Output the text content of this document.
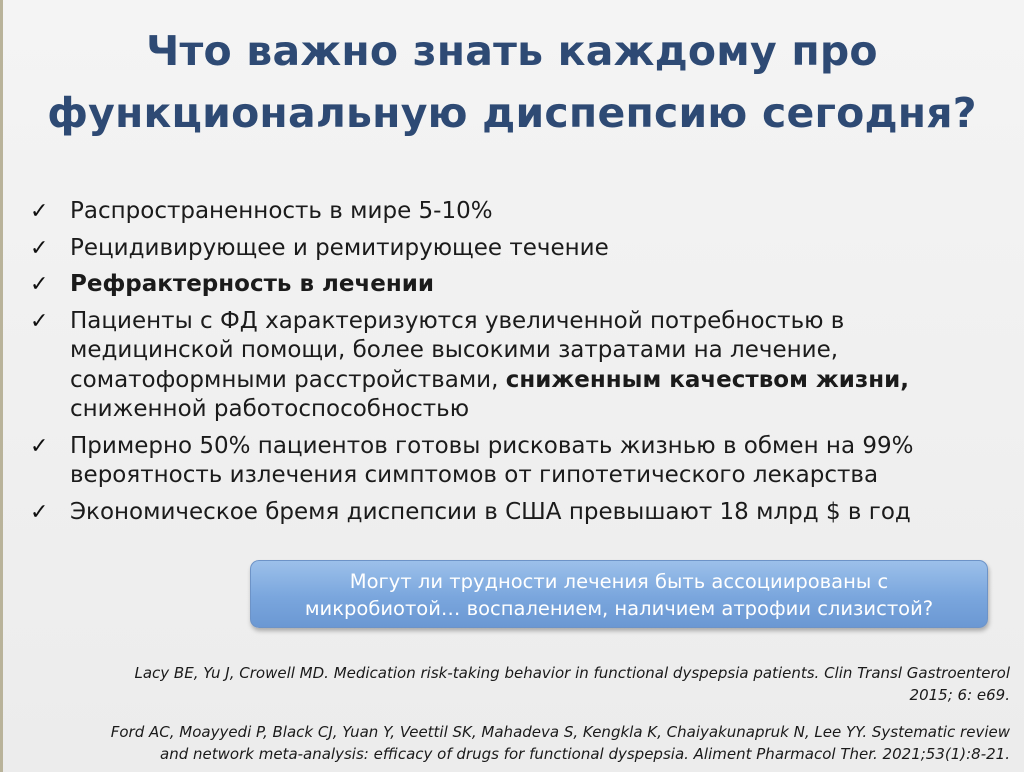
Что важно знать каждому про
функциональную диспепсию сегодня?
✓ Распространенность в мире 5-10%
✓ Рецидивирующее и ремитирующее течение
✓ Рефрактерность в лечении
✓ Пациенты с ФД характеризуются увеличенной потребностью в медицинской помощи, более высокими затратами на лечение, соматоформными расстройствами, сниженным качеством жизни, сниженной работоспособностью
✓ Примерно 50% пациентов готовы рисковать жизнью в обмен на 99% вероятность излечения симптомов от гипотетического лекарства
✓ Экономическое бремя диспепсии в США превышают 18 млрд $ в год
Могут ли трудности лечения быть ассоциированы с
микробиотой… воспалением, наличием атрофии слизистой?
Lacy BE, Yu J, Crowell MD. Medication risk-taking behavior in functional dyspepsia patients. Clin Transl Gastroenterol
2015; 6: e69.
Ford AC, Moayyedi P, Black CJ, Yuan Y, Veettil SK, Mahadeva S, Kengkla K, Chaiyakunapruk N, Lee YY. Systematic review
and network meta-analysis: efficacy of drugs for functional dyspepsia. Aliment Pharmacol Ther. 2021;53(1):8-21.
